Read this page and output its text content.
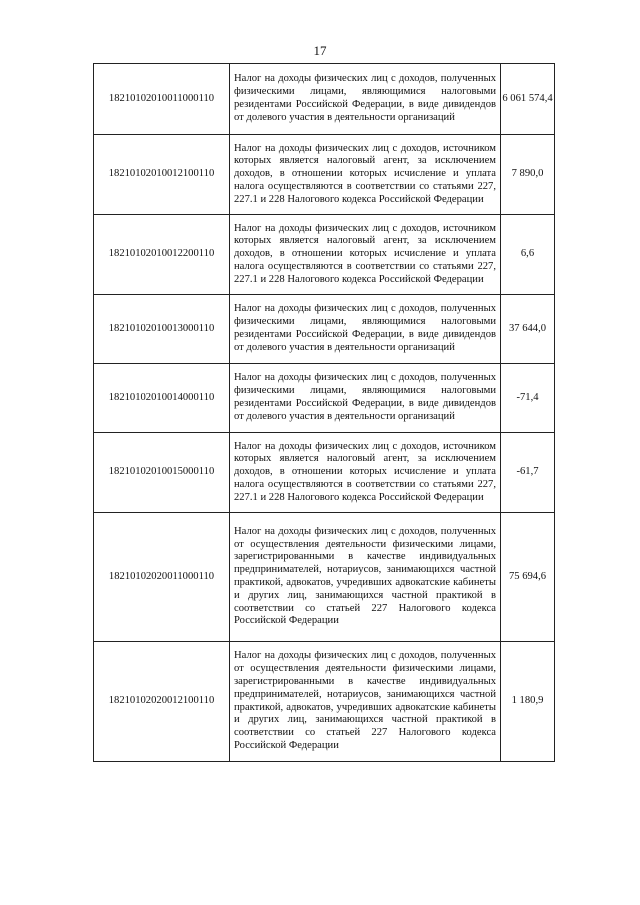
17
18210102010011000110	Налог на доходы физических лиц с доходов, полученных физическими лицами, являющимися налоговыми резидентами Российской Федерации, в виде дивидендов от долевого участия в деятельности организаций	6 061 574,4
18210102010012100110	Налог на доходы физических лиц с доходов, источником которых является налоговый агент, за исключением доходов, в отношении которых исчисление и уплата налога осуществляются в соответствии со статьями 227, 227.1 и 228 Налогового кодекса Российской Федерации	7 890,0
18210102010012200110	Налог на доходы физических лиц с доходов, источником которых является налоговый агент, за исключением доходов, в отношении которых исчисление и уплата налога осуществляются в соответствии со статьями 227, 227.1 и 228 Налогового кодекса Российской Федерации	6,6
18210102010013000110	Налог на доходы физических лиц с доходов, полученных физическими лицами, являющимися налоговыми резидентами Российской Федерации, в виде дивидендов от долевого участия в деятельности организаций	37 644,0
18210102010014000110	Налог на доходы физических лиц с доходов, полученных физическими лицами, являющимися налоговыми резидентами Российской Федерации, в виде дивидендов от долевого участия в деятельности организаций	-71,4
18210102010015000110	Налог на доходы физических лиц с доходов, источником которых является налоговый агент, за исключением доходов, в отношении которых исчисление и уплата налога осуществляются в соответствии со статьями 227, 227.1 и 228 Налогового кодекса Российской Федерации	-61,7
18210102020011000110	Налог на доходы физических лиц с доходов, полученных от осуществления деятельности физическими лицами, зарегистрированными в качестве индивидуальных предпринимателей, нотариусов, занимающихся частной практикой, адвокатов, учредивших адвокатские кабинеты и других лиц, занимающихся частной практикой в соответствии со статьей 227 Налогового кодекса Российской Федерации	75 694,6
18210102020012100110	Налог на доходы физических лиц с доходов, полученных от осуществления деятельности физическими лицами, зарегистрированными в качестве индивидуальных предпринимателей, нотариусов, занимающихся частной практикой, адвокатов, учредивших адвокатские кабинеты и других лиц, занимающихся частной практикой в соответствии со статьей 227 Налогового кодекса Российской Федерации	1 180,9
